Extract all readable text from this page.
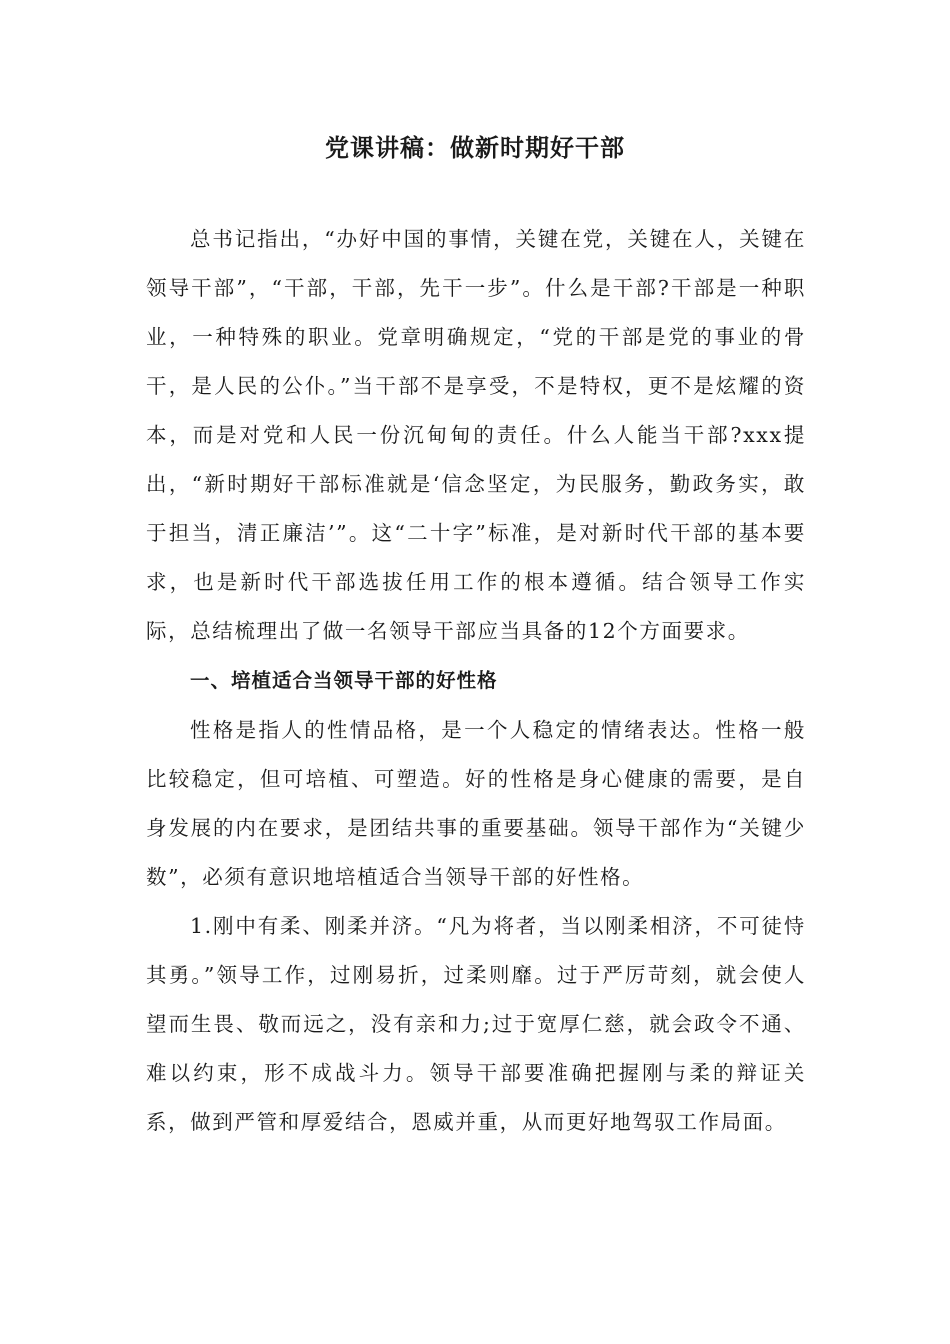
党课讲稿：做新时期好干部

总书记指出，“办好中国的事情，关键在党，关键在人，关键在领导干部”，“干部，干部，先干一步”。什么是干部?干部是一种职业，一种特殊的职业。党章明确规定，“党的干部是党的事业的骨干，是人民的公仆。”当干部不是享受，不是特权，更不是炫耀的资本，而是对党和人民一份沉甸甸的责任。什么人能当干部?xxx提出，“新时期好干部标准就是‘信念坚定，为民服务，勤政务实，敢于担当，清正廉洁’”。这“二十字”标准，是对新时代干部的基本要求，也是新时代干部选拔任用工作的根本遵循。结合领导工作实际，总结梳理出了做一名领导干部应当具备的12个方面要求。

一、培植适合当领导干部的好性格

性格是指人的性情品格，是一个人稳定的情绪表达。性格一般比较稳定，但可培植、可塑造。好的性格是身心健康的需要，是自身发展的内在要求，是团结共事的重要基础。领导干部作为“关键少数”，必须有意识地培植适合当领导干部的好性格。

1.刚中有柔、刚柔并济。“凡为将者，当以刚柔相济，不可徒恃其勇。”领导工作，过刚易折，过柔则靡。过于严厉苛刻，就会使人望而生畏、敬而远之，没有亲和力;过于宽厚仁慈，就会政令不通、难以约束，形不成战斗力。领导干部要准确把握刚与柔的辩证关系，做到严管和厚爱结合，恩威并重，从而更好地驾驭工作局面。
